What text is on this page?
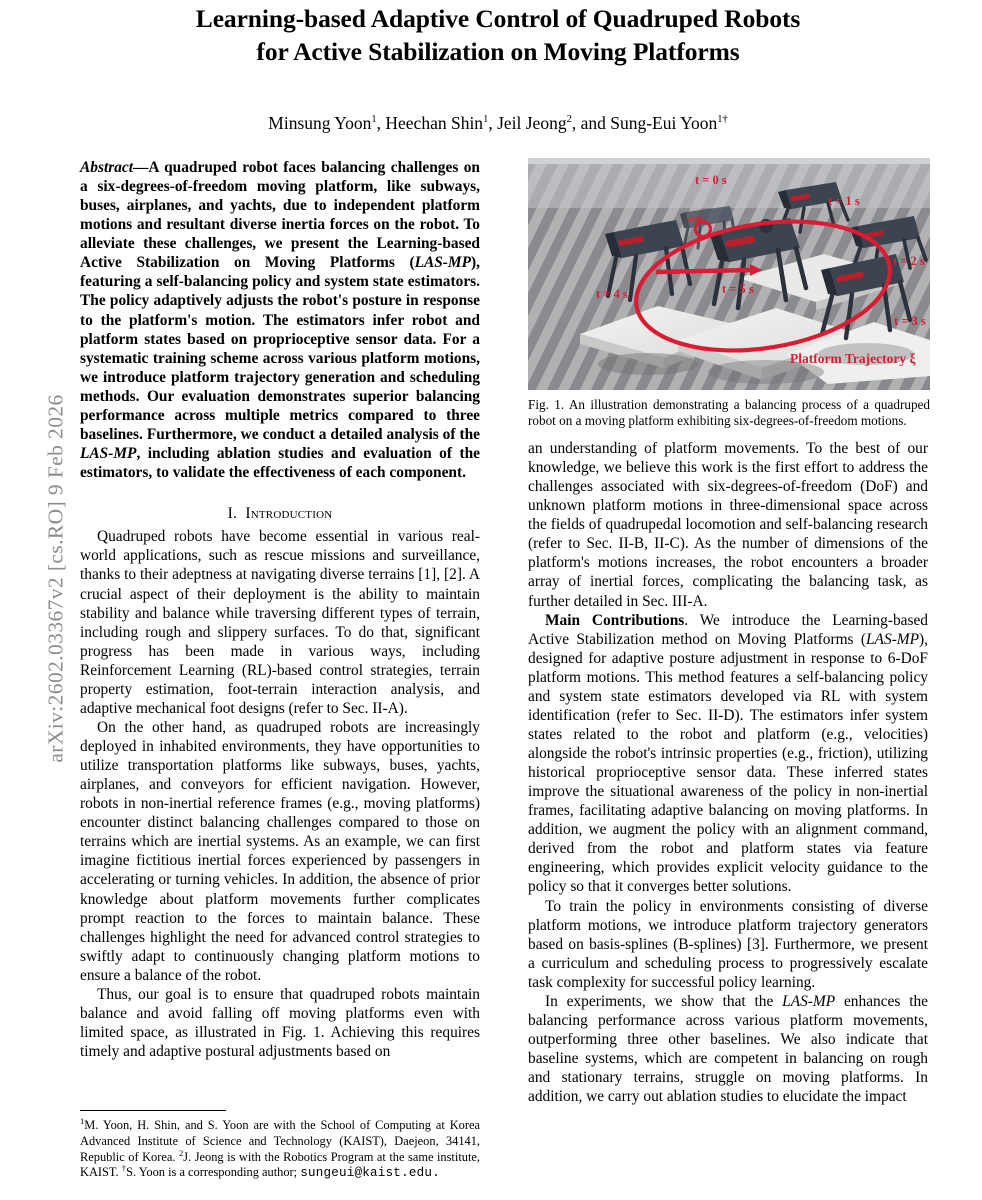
arXiv:2602.03367v2 [cs.RO] 9 Feb 2026
Learning-based Adaptive Control of Quadruped Robots
for Active Stabilization on Moving Platforms
Minsung Yoon$^1$, Heechan Shin$^1$, Jeil Jeong$^2$, and Sung-Eui Yoon$^{1\dagger}$

Abstract—A quadruped robot faces balancing challenges on a six-degrees-of-freedom moving platform, like subways, buses, airplanes, and yachts, due to independent platform motions and resultant diverse inertia forces on the robot. To alleviate these challenges, we present the Learning-based Active Stabilization on Moving Platforms (LAS-MP), featuring a self-balancing policy and system state estimators. The policy adaptively adjusts the robot's posture in response to the platform's motion. The estimators infer robot and platform states based on proprioceptive sensor data. For a systematic training scheme across various platform motions, we introduce platform trajectory generation and scheduling methods. Our evaluation demonstrates superior balancing performance across multiple metrics compared to three baselines. Furthermore, we conduct a detailed analysis of the LAS-MP, including ablation studies and evaluation of the estimators, to validate the effectiveness of each component.

I. Introduction

Quadruped robots have become essential in various real-world applications, such as rescue missions and surveillance, thanks to their adeptness at navigating diverse terrains [1], [2]. A crucial aspect of their deployment is the ability to maintain stability and balance while traversing different types of terrain, including rough and slippery surfaces. To do that, significant progress has been made in various ways, including Reinforcement Learning (RL)-based control strategies, terrain property estimation, foot-terrain interaction analysis, and adaptive mechanical foot designs (refer to Sec. II-A).

On the other hand, as quadruped robots are increasingly deployed in inhabited environments, they have opportunities to utilize transportation platforms like subways, buses, yachts, airplanes, and conveyors for efficient navigation. However, robots in non-inertial reference frames (e.g., moving platforms) encounter distinct balancing challenges compared to those on terrains which are inertial systems. As an example, we can first imagine fictitious inertial forces experienced by passengers in accelerating or turning vehicles. In addition, the absence of prior knowledge about platform movements further complicates prompt reaction to the forces to maintain balance. These challenges highlight the need for advanced control strategies to swiftly adapt to continuously changing platform motions to ensure a balance of the robot.

Thus, our goal is to ensure that quadruped robots maintain balance and avoid falling off moving platforms even with limited space, as illustrated in Fig. 1. Achieving this requires timely and adaptive postural adjustments based on

t = 0 s
t = 1 s
t = 2 s
t = 3 s
t = 4 s	t = 5 s
Platform Trajectory ξ
Fig. 1. An illustration demonstrating a balancing process of a quadruped robot on a moving platform exhibiting six-degrees-of-freedom motions.

an understanding of platform movements. To the best of our knowledge, we believe this work is the first effort to address the challenges associated with six-degrees-of-freedom (DoF) and unknown platform motions in three-dimensional space across the fields of quadrupedal locomotion and self-balancing research (refer to Sec. II-B, II-C). As the number of dimensions of the platform's motions increases, the robot encounters a broader array of inertial forces, complicating the balancing task, as further detailed in Sec. III-A.

Main Contributions. We introduce the Learning-based Active Stabilization method on Moving Platforms (LAS-MP), designed for adaptive posture adjustment in response to 6-DoF platform motions. This method features a self-balancing policy and system state estimators developed via RL with system identification (refer to Sec. II-D). The estimators infer system states related to the robot and platform (e.g., velocities) alongside the robot's intrinsic properties (e.g., friction), utilizing historical proprioceptive sensor data. These inferred states improve the situational awareness of the policy in non-inertial frames, facilitating adaptive balancing on moving platforms. In addition, we augment the policy with an alignment command, derived from the robot and platform states via feature engineering, which provides explicit velocity guidance to the policy so that it converges better solutions.

To train the policy in environments consisting of diverse platform motions, we introduce platform trajectory generators based on basis-splines (B-splines) [3]. Furthermore, we present a curriculum and scheduling process to progressively escalate task complexity for successful policy learning.

In experiments, we show that the LAS-MP enhances the balancing performance across various platform movements, outperforming three other baselines. We also indicate that baseline systems, which are competent in balancing on rough and stationary terrains, struggle on moving platforms. In addition, we carry out ablation studies to elucidate the impact

$^1$M. Yoon, H. Shin, and S. Yoon are with the School of Computing at Korea Advanced Institute of Science and Technology (KAIST), Daejeon, 34141, Republic of Korea. $^2$J. Jeong is with the Robotics Program at the same institute, KAIST. †S. Yoon is a corresponding author; sungeui@kaist.edu.
